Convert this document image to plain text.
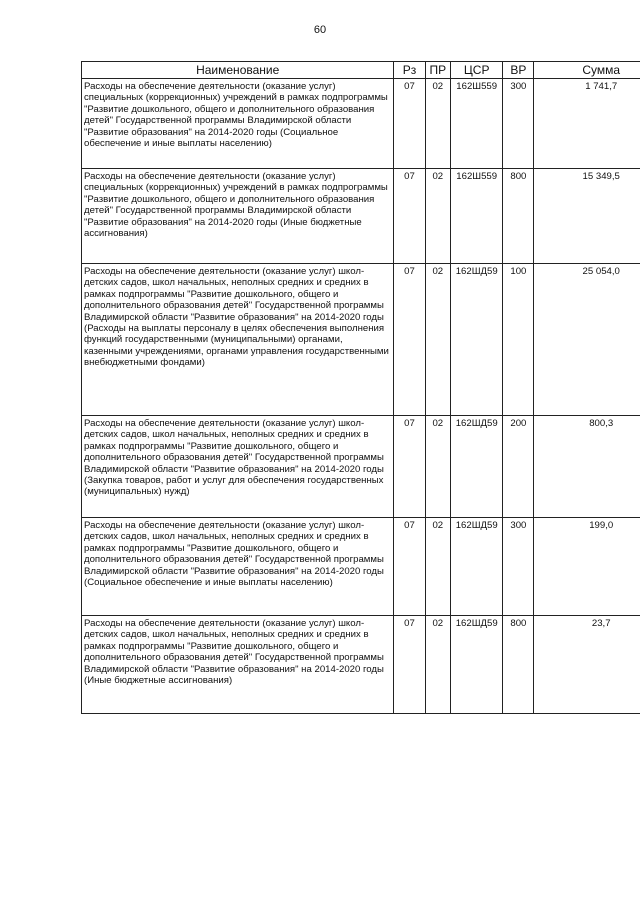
60
Наименование	Рз	ПР	ЦСР	ВР	Сумма
Расходы на обеспечение деятельности (оказание услуг) специальных (коррекционных) учреждений в рамках подпрограммы "Развитие дошкольного, общего и дополнительного образования детей" Государственной программы Владимирской области "Развитие образования" на 2014-2020 годы (Социальное обеспечение и иные выплаты населению)	07	02	162Ш559	300	1 741,7
Расходы на обеспечение деятельности (оказание услуг) специальных (коррекционных) учреждений в рамках подпрограммы "Развитие дошкольного, общего и дополнительного образования детей" Государственной программы Владимирской области "Развитие образования" на 2014-2020 годы (Иные бюджетные ассигнования)	07	02	162Ш559	800	15 349,5
Расходы на обеспечение деятельности (оказание услуг) школ-детских садов, школ начальных, неполных средних и средних в рамках подпрограммы "Развитие дошкольного, общего и дополнительного образования детей" Государственной программы Владимирской области "Развитие образования" на 2014-2020 годы (Расходы на выплаты персоналу в целях обеспечения выполнения функций государственными (муниципальными) органами, казенными учреждениями, органами управления государственными внебюджетными фондами)	07	02	162ШД59	100	25 054,0
Расходы на обеспечение деятельности (оказание услуг) школ-детских садов, школ начальных, неполных средних и средних в рамках подпрограммы "Развитие дошкольного, общего и дополнительного образования детей" Государственной программы Владимирской области "Развитие образования" на 2014-2020 годы (Закупка товаров, работ и услуг для обеспечения государственных (муниципальных) нужд)	07	02	162ШД59	200	800,3
Расходы на обеспечение деятельности (оказание услуг) школ-детских садов, школ начальных, неполных средних и средних в рамках подпрограммы "Развитие дошкольного, общего и дополнительного образования детей" Государственной программы Владимирской области "Развитие образования" на 2014-2020 годы (Социальное обеспечение и иные выплаты населению)	07	02	162ШД59	300	199,0
Расходы на обеспечение деятельности (оказание услуг) школ-детских садов, школ начальных, неполных средних и средних в рамках подпрограммы "Развитие дошкольного, общего и дополнительного образования детей" Государственной программы Владимирской области "Развитие образования" на 2014-2020 годы (Иные бюджетные ассигнования)	07	02	162ШД59	800	23,7
